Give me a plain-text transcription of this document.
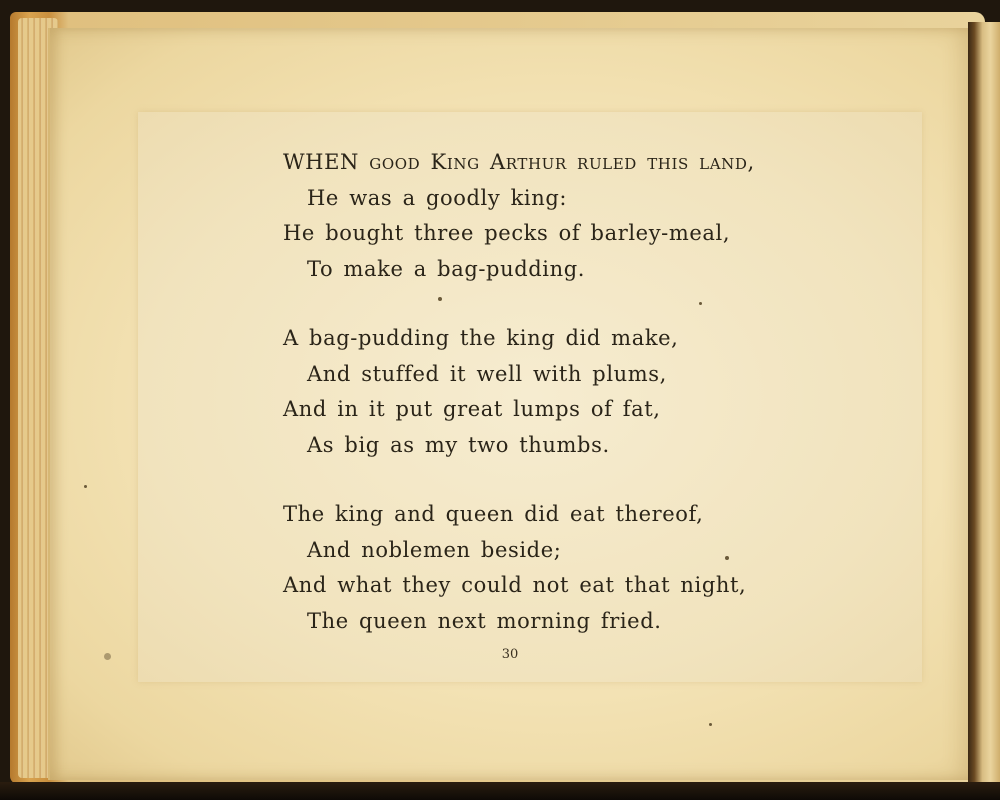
WHEN good King Arthur ruled this land,
He was a goodly king:
He bought three pecks of barley-meal,
To make a bag-pudding.
A bag-pudding the king did make,
And stuffed it well with plums,
And in it put great lumps of fat,
As big as my two thumbs.
The king and queen did eat thereof,
And noblemen beside;
And what they could not eat that night,
The queen next morning fried.
30
